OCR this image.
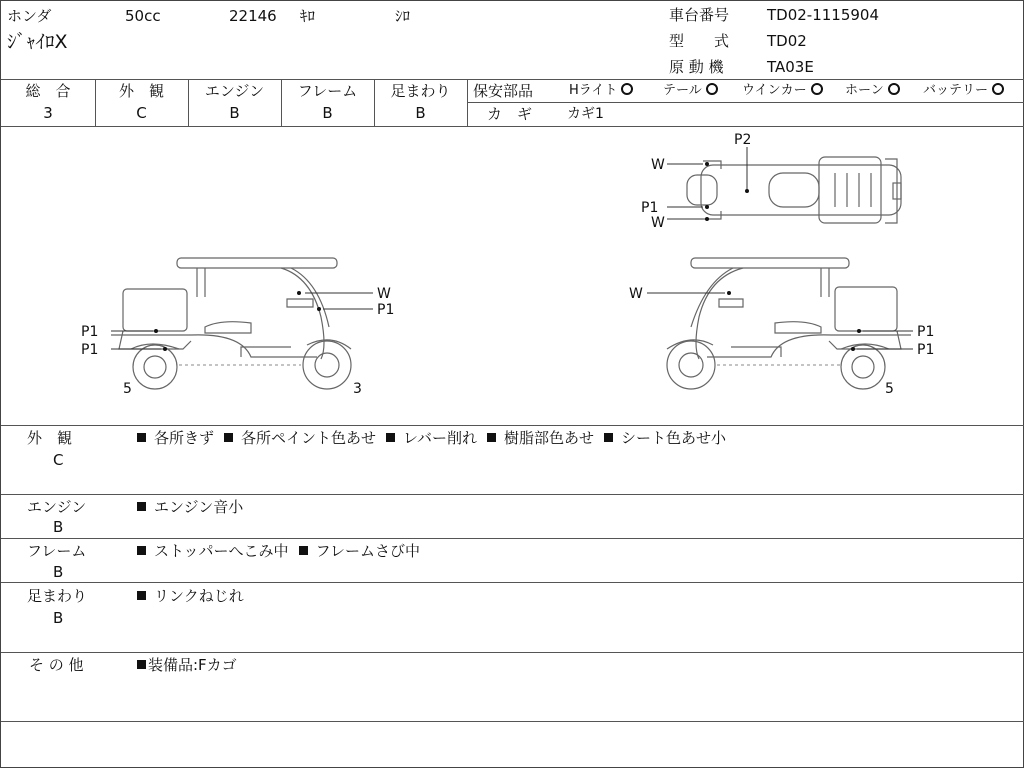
ホンダ	50cc	22146 ｷﾛ	ｼﾛ
ｼﾞｬｲﾛX
車台番号	TD02-1115904
型　　式	TD02
原 動 機	TA03E
総　合
3
外　観
C
エンジン
B
フレーム
B
足まわり
B
保安部品	Hライト	テール	ウインカー	ホーン	バッテリー
カ　ギ カギ1
W
P1
P1
P1
5	3
W
P1
P1
5
W
P1
W
P2
外　観
C
各所きず 各所ペイント色あせ レバー削れ 樹脂部色あせ シート色あせ小
エンジン
B
エンジン音小
フレーム
B
ストッパーへこみ中 フレームさび中
足まわり
B
リンクねじれ
そ の 他	装備品:Fカゴ
